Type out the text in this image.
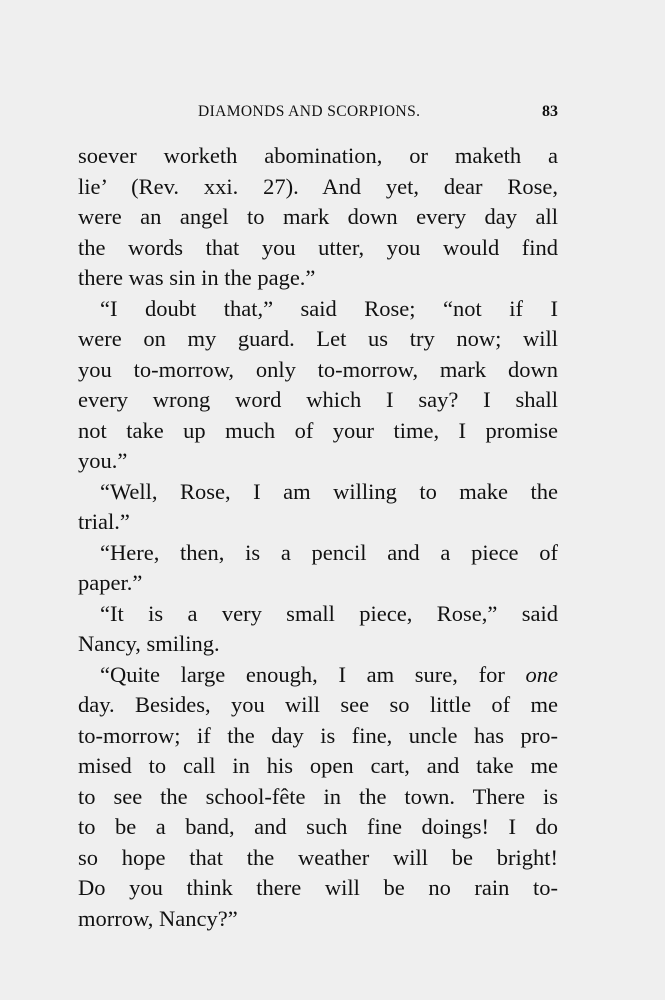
DIAMONDS AND SCORPIONS.	83
soever worketh abomination, or maketh a
lie’ (Rev. xxi. 27). And yet, dear Rose,
were an angel to mark down every day all
the words that you utter, you would find
there was sin in the page.”
“I doubt that,” said Rose; “not if I
were on my guard. Let us try now; will
you to-morrow, only to-morrow, mark down
every wrong word which I say? I shall
not take up much of your time, I promise
you.”
“Well, Rose, I am willing to make the
trial.”
“Here, then, is a pencil and a piece of
paper.”
“It is a very small piece, Rose,” said
Nancy, smiling.
“Quite large enough, I am sure, for one
day. Besides, you will see so little of me
to-morrow; if the day is fine, uncle has pro-
mised to call in his open cart, and take me
to see the school-fête in the town. There is
to be a band, and such fine doings! I do
so hope that the weather will be bright!
Do you think there will be no rain to-
morrow, Nancy?”
